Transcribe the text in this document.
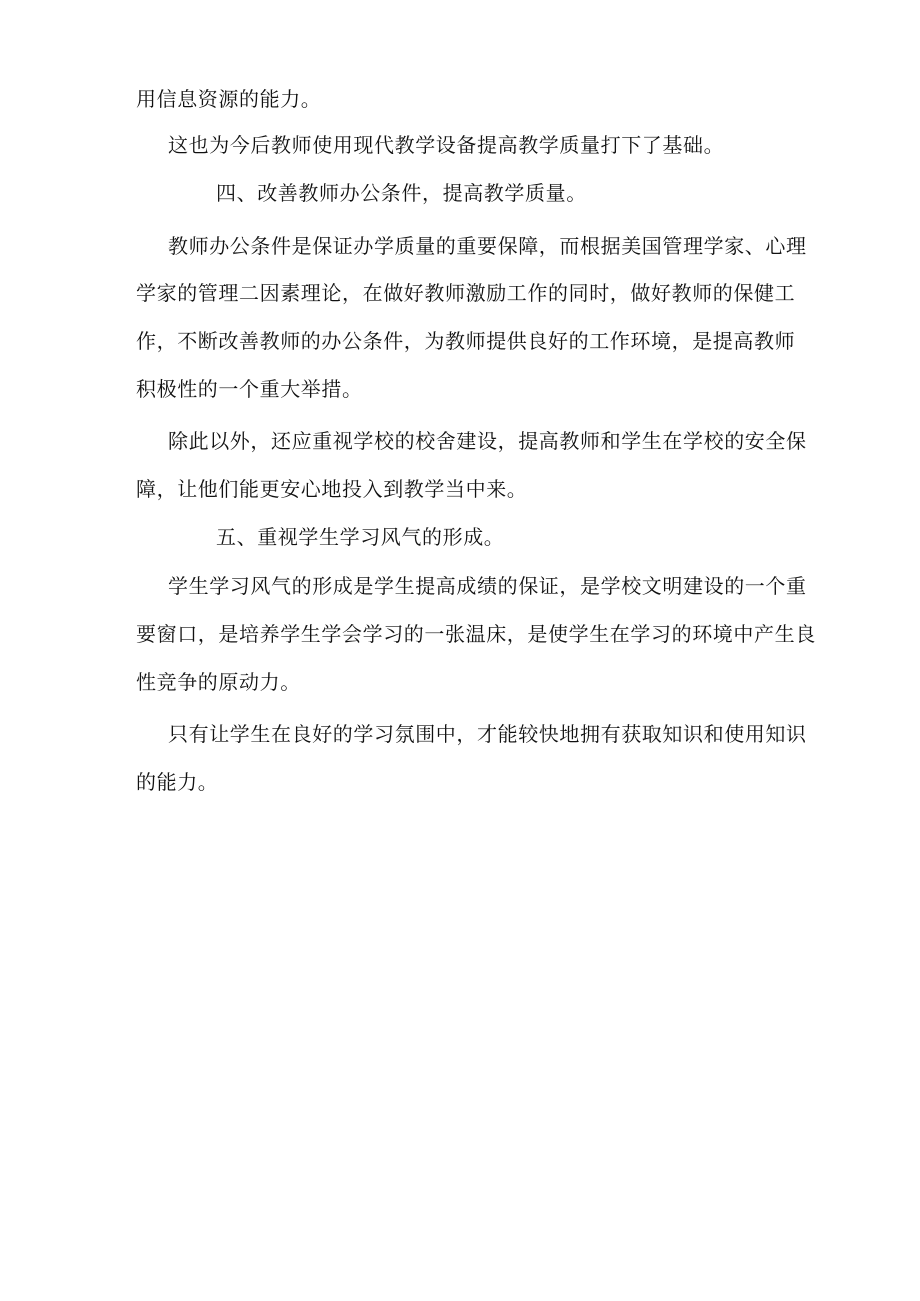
用信息资源的能力。
这也为今后教师使用现代教学设备提高教学质量打下了基础。
四、改善教师办公条件，提高教学质量。
教师办公条件是保证办学质量的重要保障，而根据美国管理学家、心理
学家的管理二因素理论，在做好教师激励工作的同时，做好教师的保健工
作，不断改善教师的办公条件，为教师提供良好的工作环境，是提高教师
积极性的一个重大举措。
除此以外，还应重视学校的校舍建设，提高教师和学生在学校的安全保
障，让他们能更安心地投入到教学当中来。
五、重视学生学习风气的形成。
学生学习风气的形成是学生提高成绩的保证，是学校文明建设的一个重
要窗口，是培养学生学会学习的一张温床，是使学生在学习的环境中产生良
性竞争的原动力。
只有让学生在良好的学习氛围中，才能较快地拥有获取知识和使用知识
的能力。
